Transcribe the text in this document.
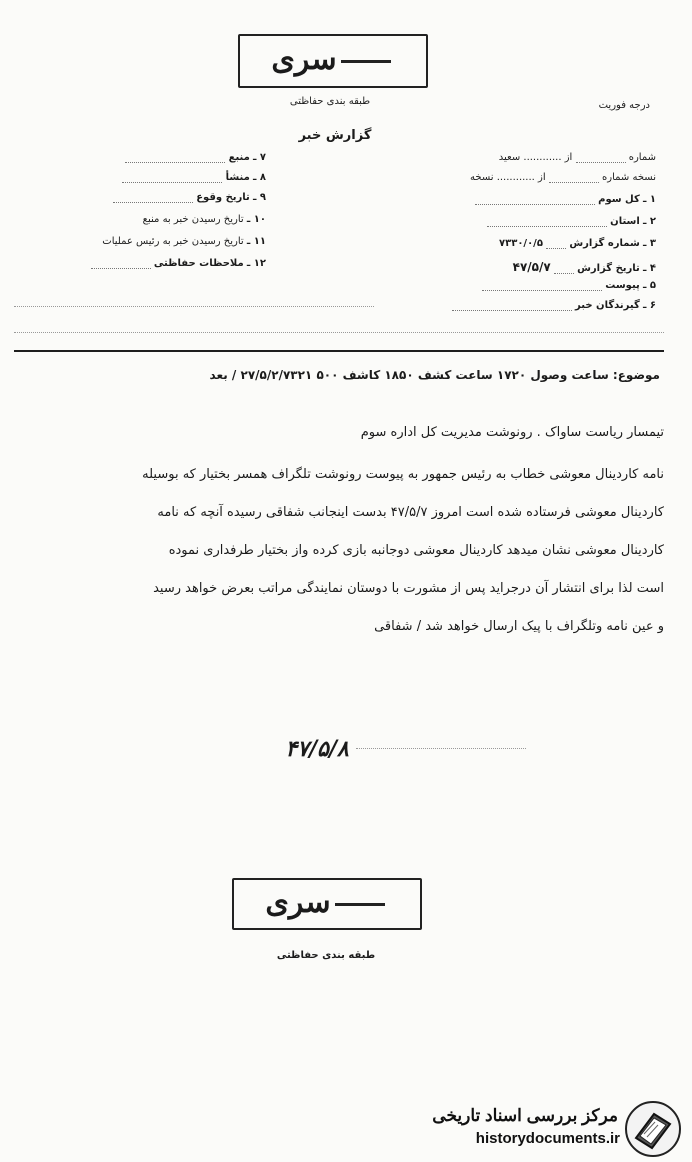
سری
طبقه بندی حفاظتی	درجه فوریت
گزارش خبر
شماره  از ............ سعید
نسخه شماره  از ............ نسخه
۱ ـ کل سوم
۲ ـ استان
۳ ـ شماره گزارش  ۷۳۳۰/۰/۵
۴ ـ تاریخ گزارش  ۴۷/۵/۷
۵ ـ پیوست
۶ ـ گیرندگان خبر
۷ ـ منبع
۸ ـ منشأ
۹ ـ تاریخ وقوع
۱۰ ـ تاریخ رسیدن خبر به منبع
۱۱ ـ تاریخ رسیدن خبر به رئیس عملیات
۱۲ ـ ملاحظات حفاظتی
موضوع: ساعت وصول ۱۷۲۰ ساعت کشف ۱۸۵۰ کاشف ۵۰۰ ۲۷/۵/۲/۷۳۲۱ / بعد
تیمسار ریاست ساواک . رونوشت مدیریت کل اداره سوم
نامه کاردینال معوشی خطاب به رئیس جمهور به پیوست رونوشت تلگراف همسر بختیار که بوسیله
کاردینال معوشی فرستاده شده است امروز ۴۷/۵/۷ بدست اینجانب شفاقی رسیده آنچه که نامه
کاردینال معوشی نشان میدهد کاردینال معوشی دوجانبه بازی کرده واز بختیار طرفداری نموده
است لذا برای انتشار آن درجراید پس از مشورت با دوستان نمایندگی مراتب بعرض خواهد رسید
و عین نامه وتلگراف با پیک ارسال خواهد شد / شفاقی
۴۷/۵/۸
سری
طبقه بندی حفاظتی
مرکز بررسی اسناد تاریخی
historydocuments.ir
